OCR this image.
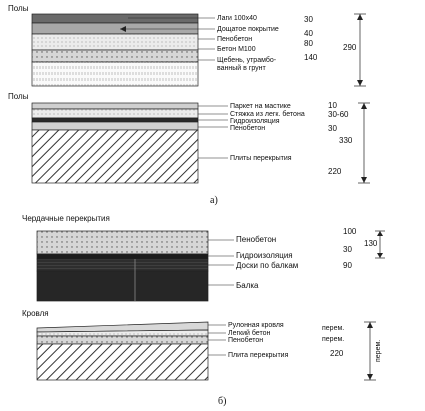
Полы
Лаги 100х40
Дощатое покрытие
Пенобетон
Бетон М100
Щебень, утрамбо-
ванный в грунт
30
40
80
140
290
Полы
Паркет на мастике
Стяжка из легк. бетона
Гидроизоляция
Пенобетон
Плиты перекрытия
10
30-60
30
220
330
а)
Чердачные перекрытия
Пенобетон
Гидроизоляция
Доски по балкам
Балка
100
30
90
130
Кровля
Рулонная кровля
Легкий бетон
Пенобетон
Плита перекрытия
перем.
перем.
220	перем.
б)
